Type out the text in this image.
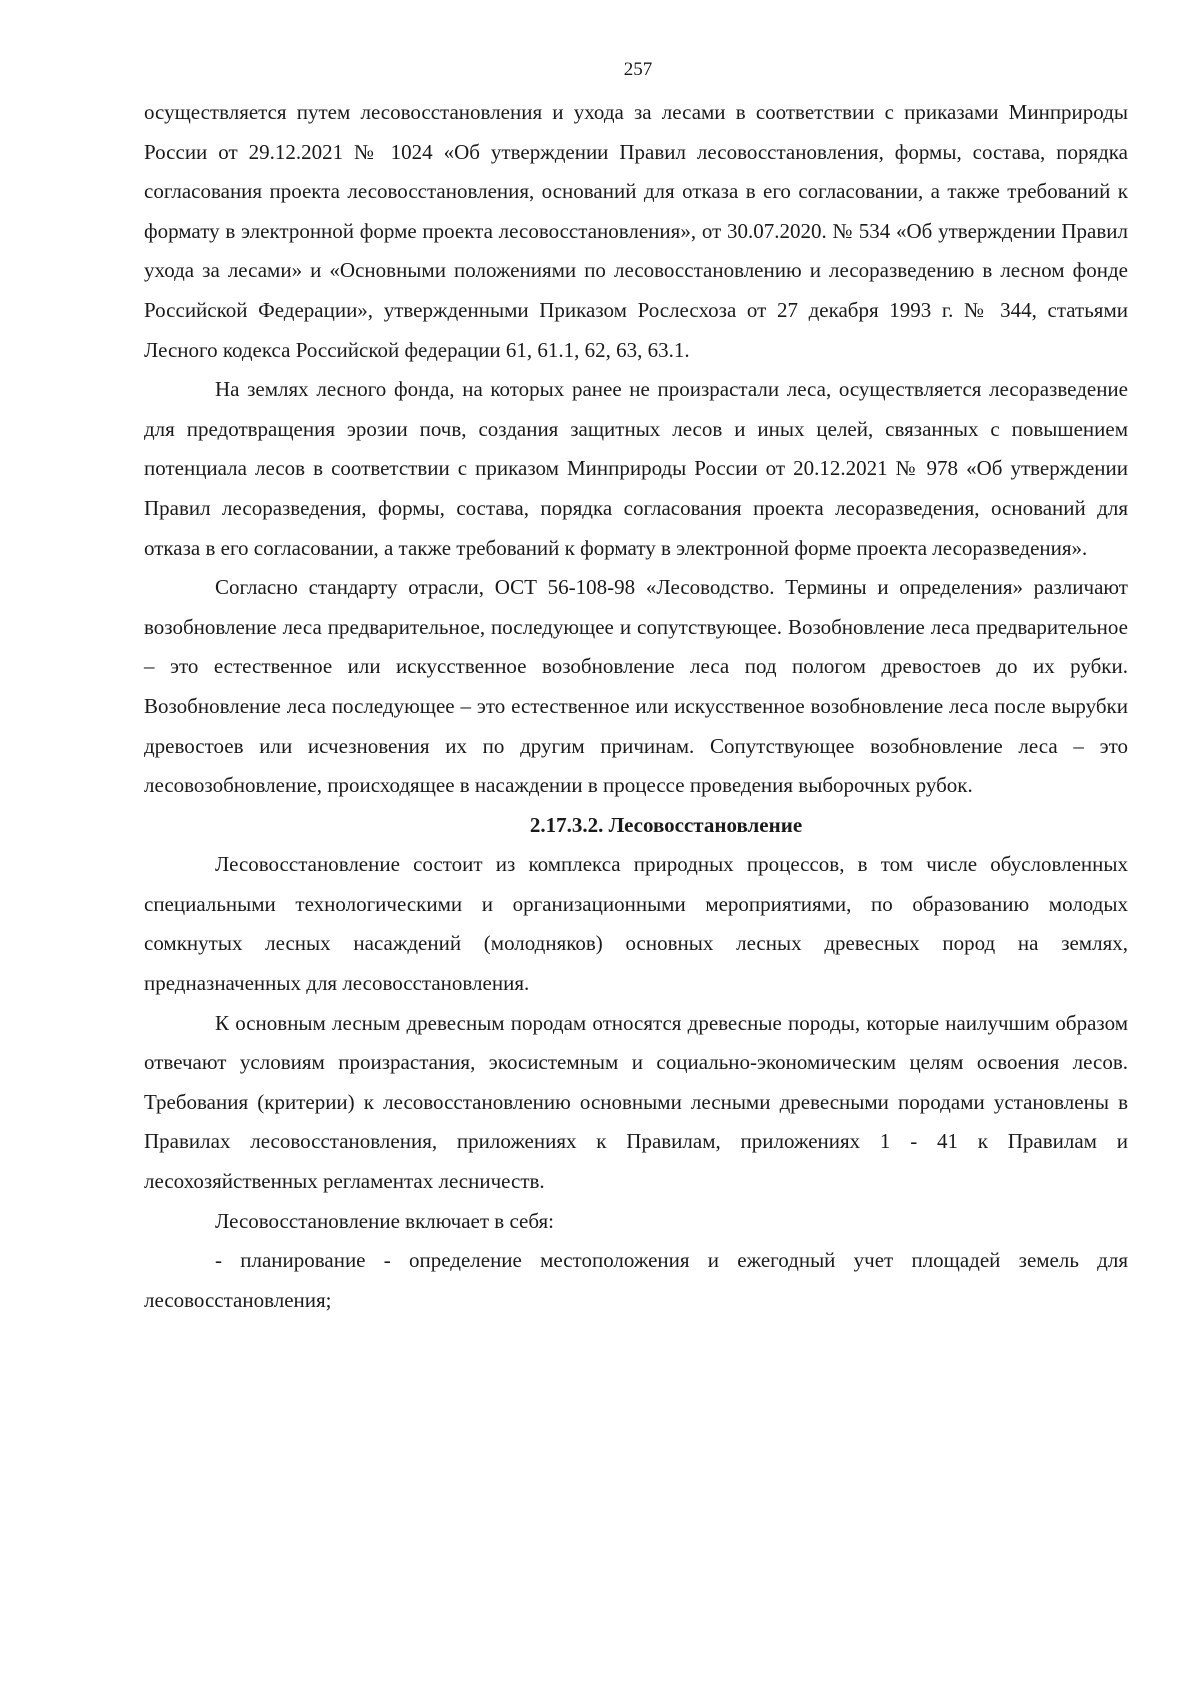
257

осуществляется путем лесовосстановления и ухода за лесами в соответствии с приказами Минприроды России от 29.12.2021 № 1024 «Об утверждении Правил лесовосстановления, формы, состава, порядка согласования проекта лесовосстановления, оснований для отказа в его согласовании, а также требований к формату в электронной форме проекта лесовосстановления», от 30.07.2020. № 534 «Об утверждении Правил ухода за лесами» и «Основными положениями по лесовосстановлению и лесоразведению в лесном фонде Российской Федерации», утвержденными Приказом Рослесхоза от 27 декабря 1993 г. № 344, статьями Лесного кодекса Российской федерации 61, 61.1, 62, 63, 63.1.

На землях лесного фонда, на которых ранее не произрастали леса, осуществляется лесоразведение для предотвращения эрозии почв, создания защитных лесов и иных целей, связанных с повышением потенциала лесов в соответствии с приказом Минприроды России от 20.12.2021 № 978 «Об утверждении Правил лесоразведения, формы, состава, порядка согласования проекта лесоразведения, оснований для отказа в его согласовании, а также требований к формату в электронной форме проекта лесоразведения».

Согласно стандарту отрасли, ОСТ 56-108-98 «Лесоводство. Термины и определения» различают возобновление леса предварительное, последующее и сопутствующее. Возобновление леса предварительное – это естественное или искусственное возобновление леса под пологом древостоев до их рубки. Возобновление леса последующее – это естественное или искусственное возобновление леса после вырубки древостоев или исчезновения их по другим причинам. Сопутствующее возобновление леса – это лесовозобновление, происходящее в насаждении в процессе проведения выборочных рубок.

2.17.3.2. Лесовосстановление

Лесовосстановление состоит из комплекса природных процессов, в том числе обусловленных специальными технологическими и организационными мероприятиями, по образованию молодых сомкнутых лесных насаждений (молодняков) основных лесных древесных пород на землях, предназначенных для лесовосстановления.

К основным лесным древесным породам относятся древесные породы, которые наилучшим образом отвечают условиям произрастания, экосистемным и социально-экономическим целям освоения лесов. Требования (критерии) к лесовосстановлению основными лесными древесными породами установлены в Правилах лесовосстановления, приложениях к Правилам, приложениях 1 - 41 к Правилам и лесохозяйственных регламентах лесничеств.

Лесовосстановление включает в себя:

- планирование - определение местоположения и ежегодный учет площадей земель для лесовосстановления;
